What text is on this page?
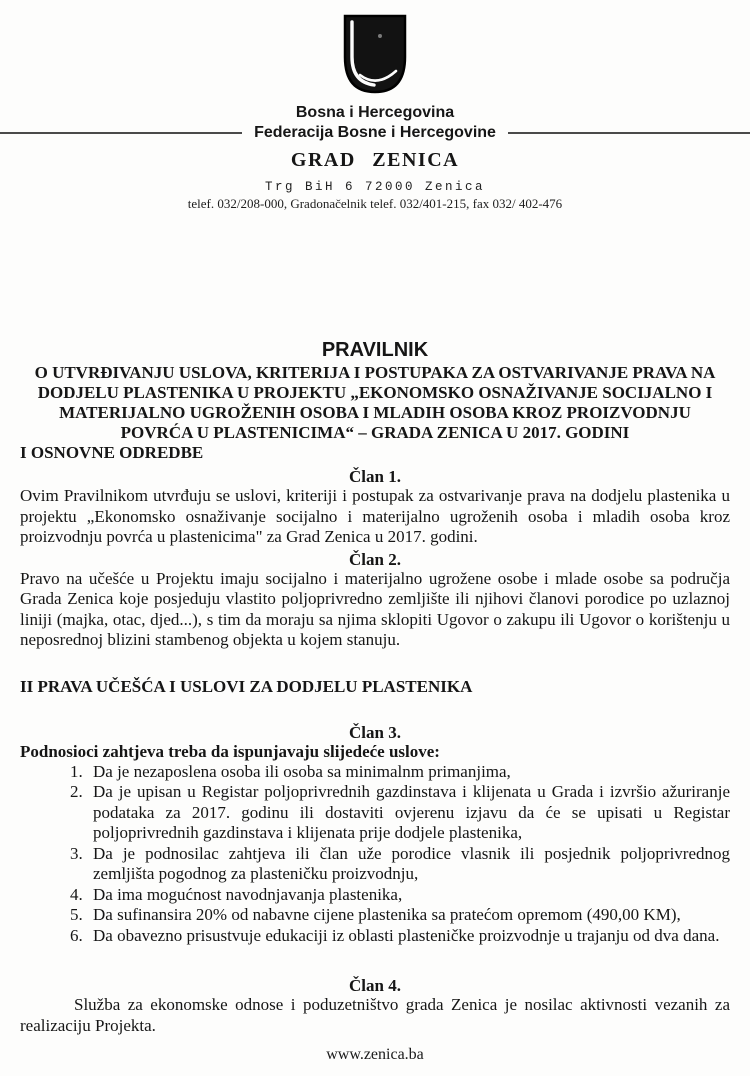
Bosna i Hercegovina
Federacija Bosne i Hercegovine
GRAD ZENICA
Trg BiH 6 72000 Zenica
telef. 032/208-000, Gradonačelnik telef. 032/401-215, fax 032/ 402-476
PRAVILNIK
O UTVRĐIVANJU USLOVA, KRITERIJA I POSTUPAKA ZA OSTVARIVANJE PRAVA NA DODJELU PLASTENIKA U PROJEKTU „EKONOMSKO OSNAŽIVANJE SOCIJALNO I MATERIJALNO UGROŽENIH OSOBA I MLADIH OSOBA KROZ PROIZVODNJU POVRĆA U PLASTENICIMA“ – GRADA ZENICA U 2017. GODINI
I OSNOVNE ODREDBE
Član 1.

Ovim Pravilnikom utvrđuju se uslovi, kriteriji i postupak za ostvarivanje prava na dodjelu plastenika u projektu „Ekonomsko osnaživanje socijalno i materijalno ugroženih osoba i mladih osoba kroz proizvodnju povrća u plastenicima" za Grad Zenica u 2017. godini.

Član 2.

Pravo na učešće u Projektu imaju socijalno i materijalno ugrožene osobe i mlade osobe sa područja Grada Zenica koje posjeduju vlastito poljoprivredno zemljište ili njihovi članovi porodice po uzlaznoj liniji (majka, otac, djed...), s tim da moraju sa njima sklopiti Ugovor o zakupu ili Ugovor o korištenju u neposrednoj blizini stambenog objekta u kojem stanuju.

II PRAVA UČEŠĆA I USLOVI ZA DODJELU PLASTENIKA
Član 3.
Podnosioci zahtjeva treba da ispunjavaju slijedeće uslove:
1. Da je nezaposlena osoba ili osoba sa minimalnm primanjima,
2. Da je upisan u Registar poljoprivrednih gazdinstava i klijenata u Grada i izvršio ažuriranje podataka za 2017. godinu ili dostaviti ovjerenu izjavu da će se upisati u Registar poljoprivrednih gazdinstava i klijenata prije dodjele plastenika,
3. Da je podnosilac zahtjeva ili član uže porodice vlasnik ili posjednik poljoprivrednog zemljišta pogodnog za plasteničku proizvodnju,
4. Da ima mogućnost navodnjavanja plastenika,
5. Da sufinansira 20% od nabavne cijene plastenika sa pratećom opremom (490,00 KM),
6. Da obavezno prisustvuje edukaciji iz oblasti plasteničke proizvodnje u trajanju od dva dana.
Član 4.

Služba za ekonomske odnose i poduzetništvo grada Zenica je nosilac aktivnosti vezanih za realizaciju Projekta.

www.zenica.ba
